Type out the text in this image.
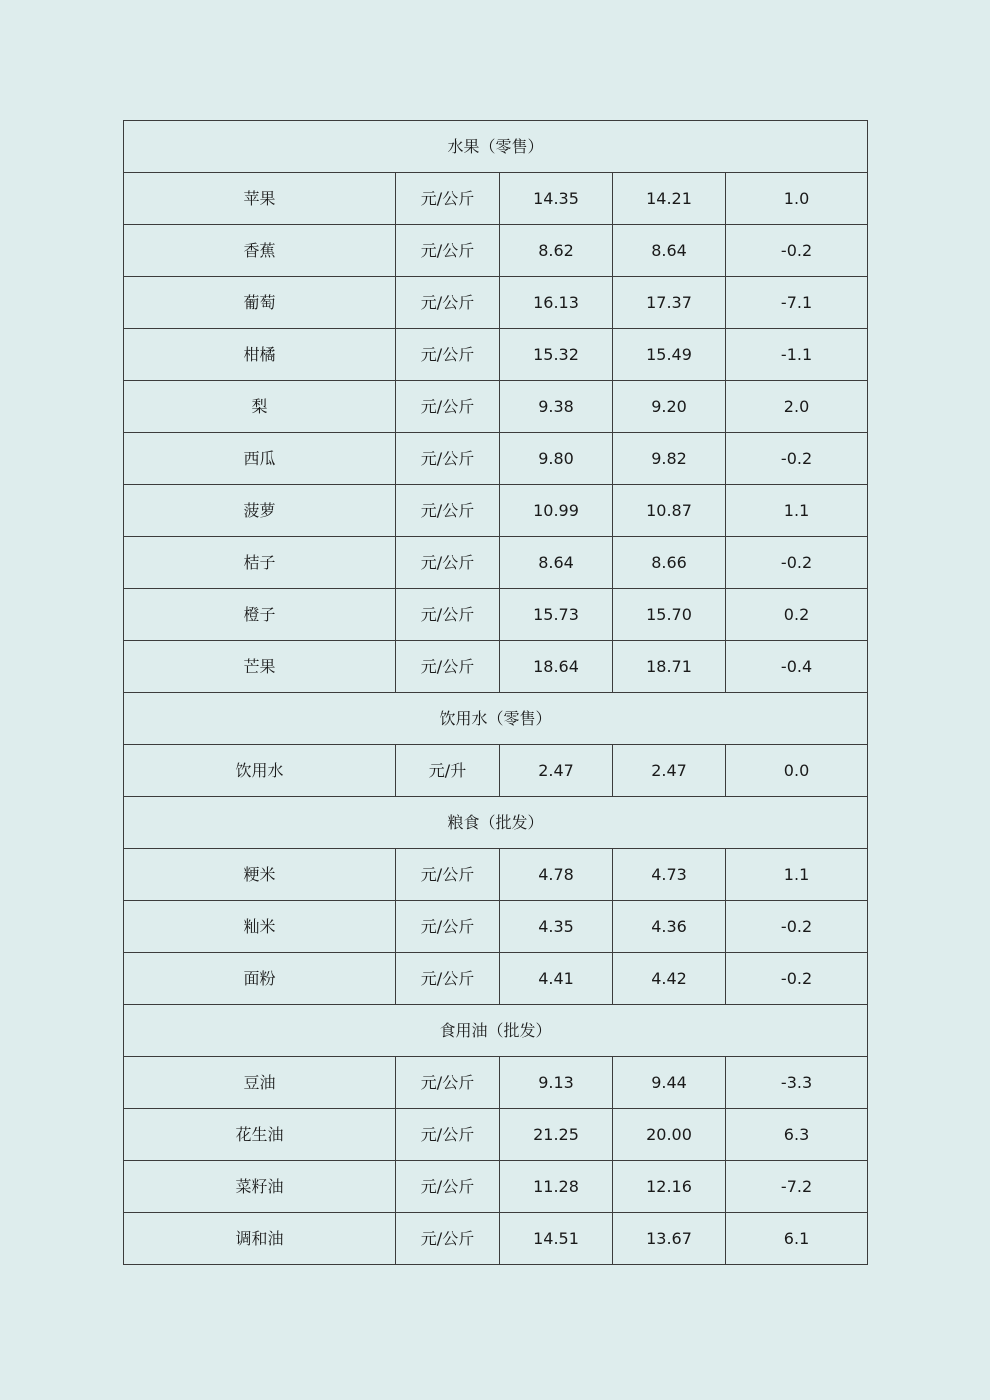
水果（零售）				
苹果	元/公斤	14.35	14.21	1.0
香蕉	元/公斤	8.62	8.64	-0.2
葡萄	元/公斤	16.13	17.37	-7.1
柑橘	元/公斤	15.32	15.49	-1.1
梨	元/公斤	9.38	9.20	2.0
西瓜	元/公斤	9.80	9.82	-0.2
菠萝	元/公斤	10.99	10.87	1.1
桔子	元/公斤	8.64	8.66	-0.2
橙子	元/公斤	15.73	15.70	0.2
芒果	元/公斤	18.64	18.71	-0.4
饮用水（零售）				
饮用水	元/升	2.47	2.47	0.0
粮食（批发）				
粳米	元/公斤	4.78	4.73	1.1
籼米	元/公斤	4.35	4.36	-0.2
面粉	元/公斤	4.41	4.42	-0.2
食用油（批发）				
豆油	元/公斤	9.13	9.44	-3.3
花生油	元/公斤	21.25	20.00	6.3
菜籽油	元/公斤	11.28	12.16	-7.2
调和油	元/公斤	14.51	13.67	6.1
